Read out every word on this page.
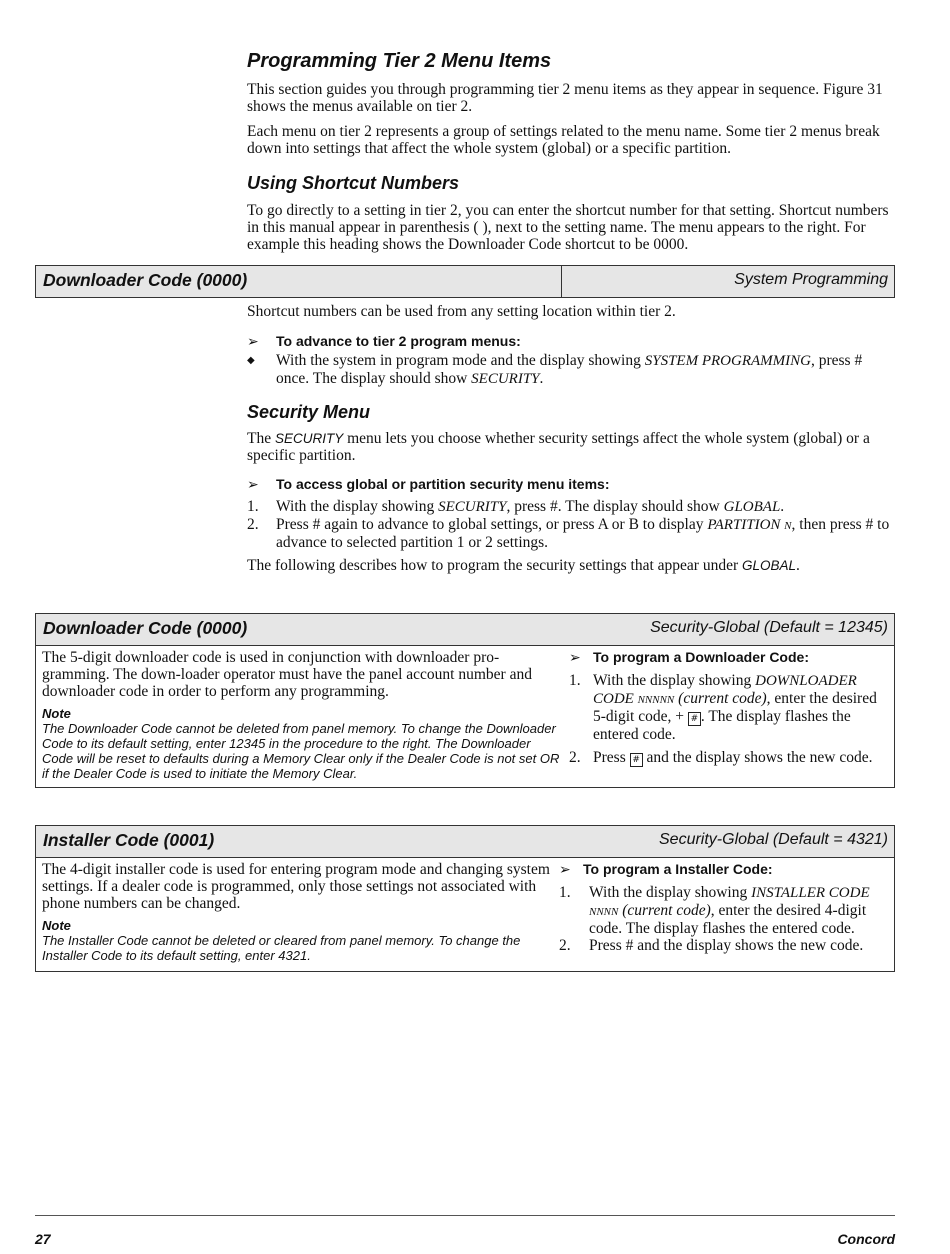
Programming Tier 2 Menu Items

This section guides you through programming tier 2 menu items as they appear in sequence. Figure 31 shows the menus available on tier 2.

Each menu on tier 2 represents a group of settings related to the menu name. Some tier 2 menus break down into settings that affect the whole system (global) or a specific partition.

Using Shortcut Numbers

To go directly to a setting in tier 2, you can enter the shortcut number for that setting. Shortcut numbers in this manual appear in parenthesis ( ), next to the setting name. The menu appears to the right. For example this heading shows the Downloader Code shortcut to be 0000.

Downloader Code (0000)	System Programming

Shortcut numbers can be used from any setting location within tier 2.

➢ To advance to tier 2 program menus:

◆ With the system in program mode and the display showing SYSTEM PROGRAMMING, press # once. The display should show SECURITY.
Security Menu

The SECURITY menu lets you choose whether security settings affect the whole system (global) or a specific partition.

➢ To access global or partition security menu items:

1. With the display showing SECURITY, press #. The display should show GLOBAL.
2. Press # again to advance to global settings, or press A or B to display PARTITION n, then press # to advance to selected partition 1 or 2 settings.

The following describes how to program the security settings that appear under GLOBAL.

Downloader Code (0000)	Security-Global (Default = 12345)

The 5-digit downloader code is used in conjunction with downloader pro-gramming. The down-loader operator must have the panel account number and downloader code in order to perform any programming.

Note

The Downloader Code cannot be deleted from panel memory. To change the Downloader Code to its default setting, enter 12345 in the procedure to the right. The Downloader Code will be reset to defaults during a Memory Clear only if the Dealer Code is not set OR if the Dealer Code is used to initiate the Memory Clear.

➢ To program a Downloader Code:

1. With the display showing DOWNLOADER CODE nnnnn (current code), enter the desired 5-digit code, + # . The display flashes the entered code.
2. Press # and the display shows the new code.
Installer Code (0001)	Security-Global (Default = 4321)

The 4-digit installer code is used for entering program mode and changing system settings. If a dealer code is programmed, only those settings not associated with phone numbers can be changed.

Note

The Installer Code cannot be deleted or cleared from panel memory. To change the Installer Code to its default setting, enter 4321.

➢ To program a Installer Code:

1. With the display showing INSTALLER CODE nnnn (current code), enter the desired 4-digit code. The display flashes the entered code.
2. Press # and the display shows the new code.
27	Concord
